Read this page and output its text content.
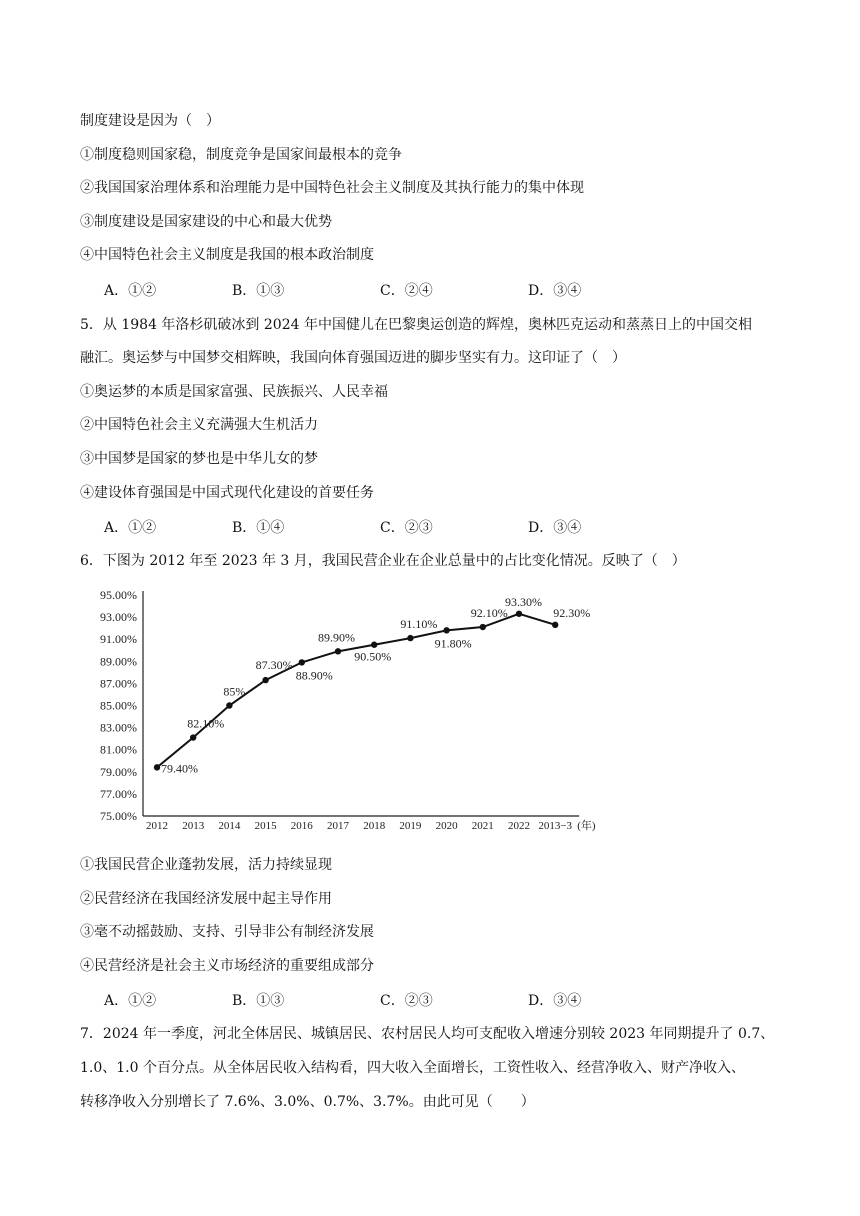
制度建设是因为（　）
①制度稳则国家稳，制度竞争是国家间最根本的竞争
②我国国家治理体系和治理能力是中国特色社会主义制度及其执行能力的集中体现
③制度建设是国家建设的中心和最大优势
④中国特色社会主义制度是我国的根本政治制度
A．①②	B．①③	C．②④	D．③④
5．从 1984 年洛杉矶破冰到 2024 年中国健儿在巴黎奥运创造的辉煌，奥林匹克运动和蒸蒸日上的中国交相
融汇。奥运梦与中国梦交相辉映，我国向体育强国迈进的脚步坚实有力。这印证了（　）
①奥运梦的本质是国家富强、民族振兴、人民幸福
②中国特色社会主义充满强大生机活力
③中国梦是国家的梦也是中华儿女的梦
④建设体育强国是中国式现代化建设的首要任务
A．①②	B．①④	C．②③	D．③④
6．下图为 2012 年至 2023 年 3 月，我国民营企业在企业总量中的占比变化情况。反映了（　）
75.00%
77.00%
79.00%
81.00%
83.00%
85.00%
87.00%
89.00%
91.00%
93.00%
95.00%
2012 2013 2014 2015 2016 2017 2018 2019 2020 2021 2022 2013−3
79.40%
82.10%
85%
87.30%
88.90%
89.90%
90.50%
91.10%
91.80%
92.10%
93.30%
92.30%
(年)
①我国民营企业蓬勃发展，活力持续显现
②民营经济在我国经济发展中起主导作用
③毫不动摇鼓励、支持、引导非公有制经济发展
④民营经济是社会主义市场经济的重要组成部分
A．①②	B．①③	C．②③	D．③④
7．2024 年一季度，河北全体居民、城镇居民、农村居民人均可支配收入增速分别较 2023 年同期提升了 0.7、
1.0、1.0 个百分点。从全体居民收入结构看，四大收入全面增长，工资性收入、经营净收入、财产净收入、
转移净收入分别增长了 7.6%、3.0%、0.7%、3.7%。由此可见（　　）
